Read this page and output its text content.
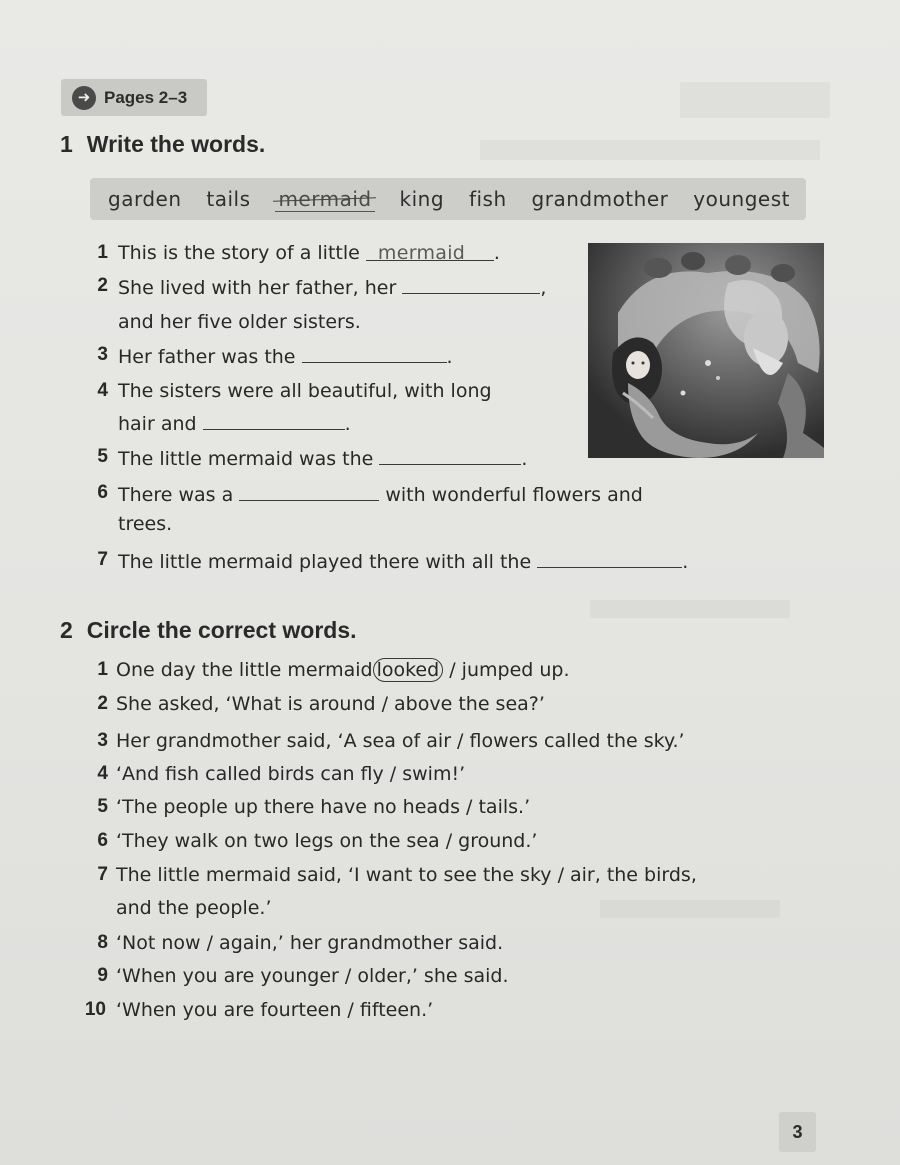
➜ Pages 2–3
1 Write the words.
garden tails mermaid king fish grandmother youngest
1 This is the story of a little mermaid .
2 She lived with her father, her	,
and her five older sisters.
3 Her father was the	.
4 The sisters were all beautiful, with long
hair and	.
5 The little mermaid was the	.
6 There was a	with wonderful flowers and
trees.
7 The little mermaid played there with all the	.
2 Circle the correct words.
1 One day the little mermaid looked / jumped up.
2 She asked, ‘What is around / above the sea?’
3 Her grandmother said, ‘A sea of air / flowers called the sky.’
4 ‘And fish called birds can fly / swim!’
5 ‘The people up there have no heads / tails.’
6 ‘They walk on two legs on the sea / ground.’
7 The little mermaid said, ‘I want to see the sky / air, the birds,
and the people.’
8 ‘Not now / again,’ her grandmother said.
9 ‘When you are younger / older,’ she said.
10 ‘When you are fourteen / fifteen.’
3
